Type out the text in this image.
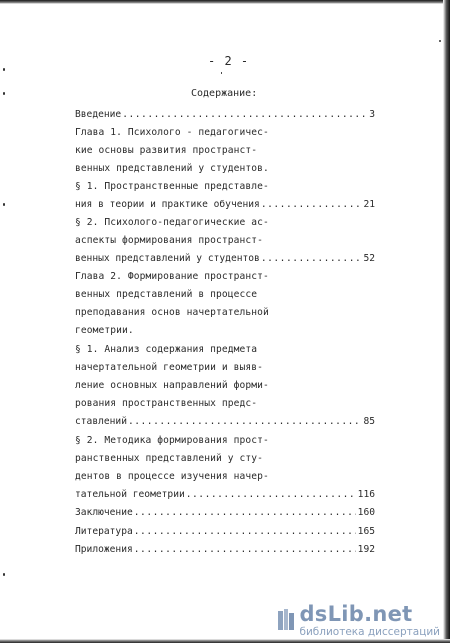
- 2 -
Содержание:
Введение .....	3
Глава 1. Психолого - педагогичес-
кие основы развития пространст-
венных представлений у студентов.
§ 1. Пространственные представле-
ния в теории и практике обучения .....	21
§ 2. Психолого-педагогические ас-
аспекты формирования пространст-
венных представлений у студентов .....	52
Глава 2. Формирование пространст-
венных представлений в процессе
преподавания основ начертательной
геометрии.
§ 1. Анализ содержания предмета
начертательной геометрии и выяв-
ление основных направлений форми-
рования пространственных предс-
ставлений .....	85
§ 2. Методика формирования прост-
ранственных представлений у сту-
дентов в процессе изучения начер-
тательной геометрии .....	116
Заключение .....	160
Литература .....	165
Приложения .....	192
dsLib.net
библиотека диссертаций
